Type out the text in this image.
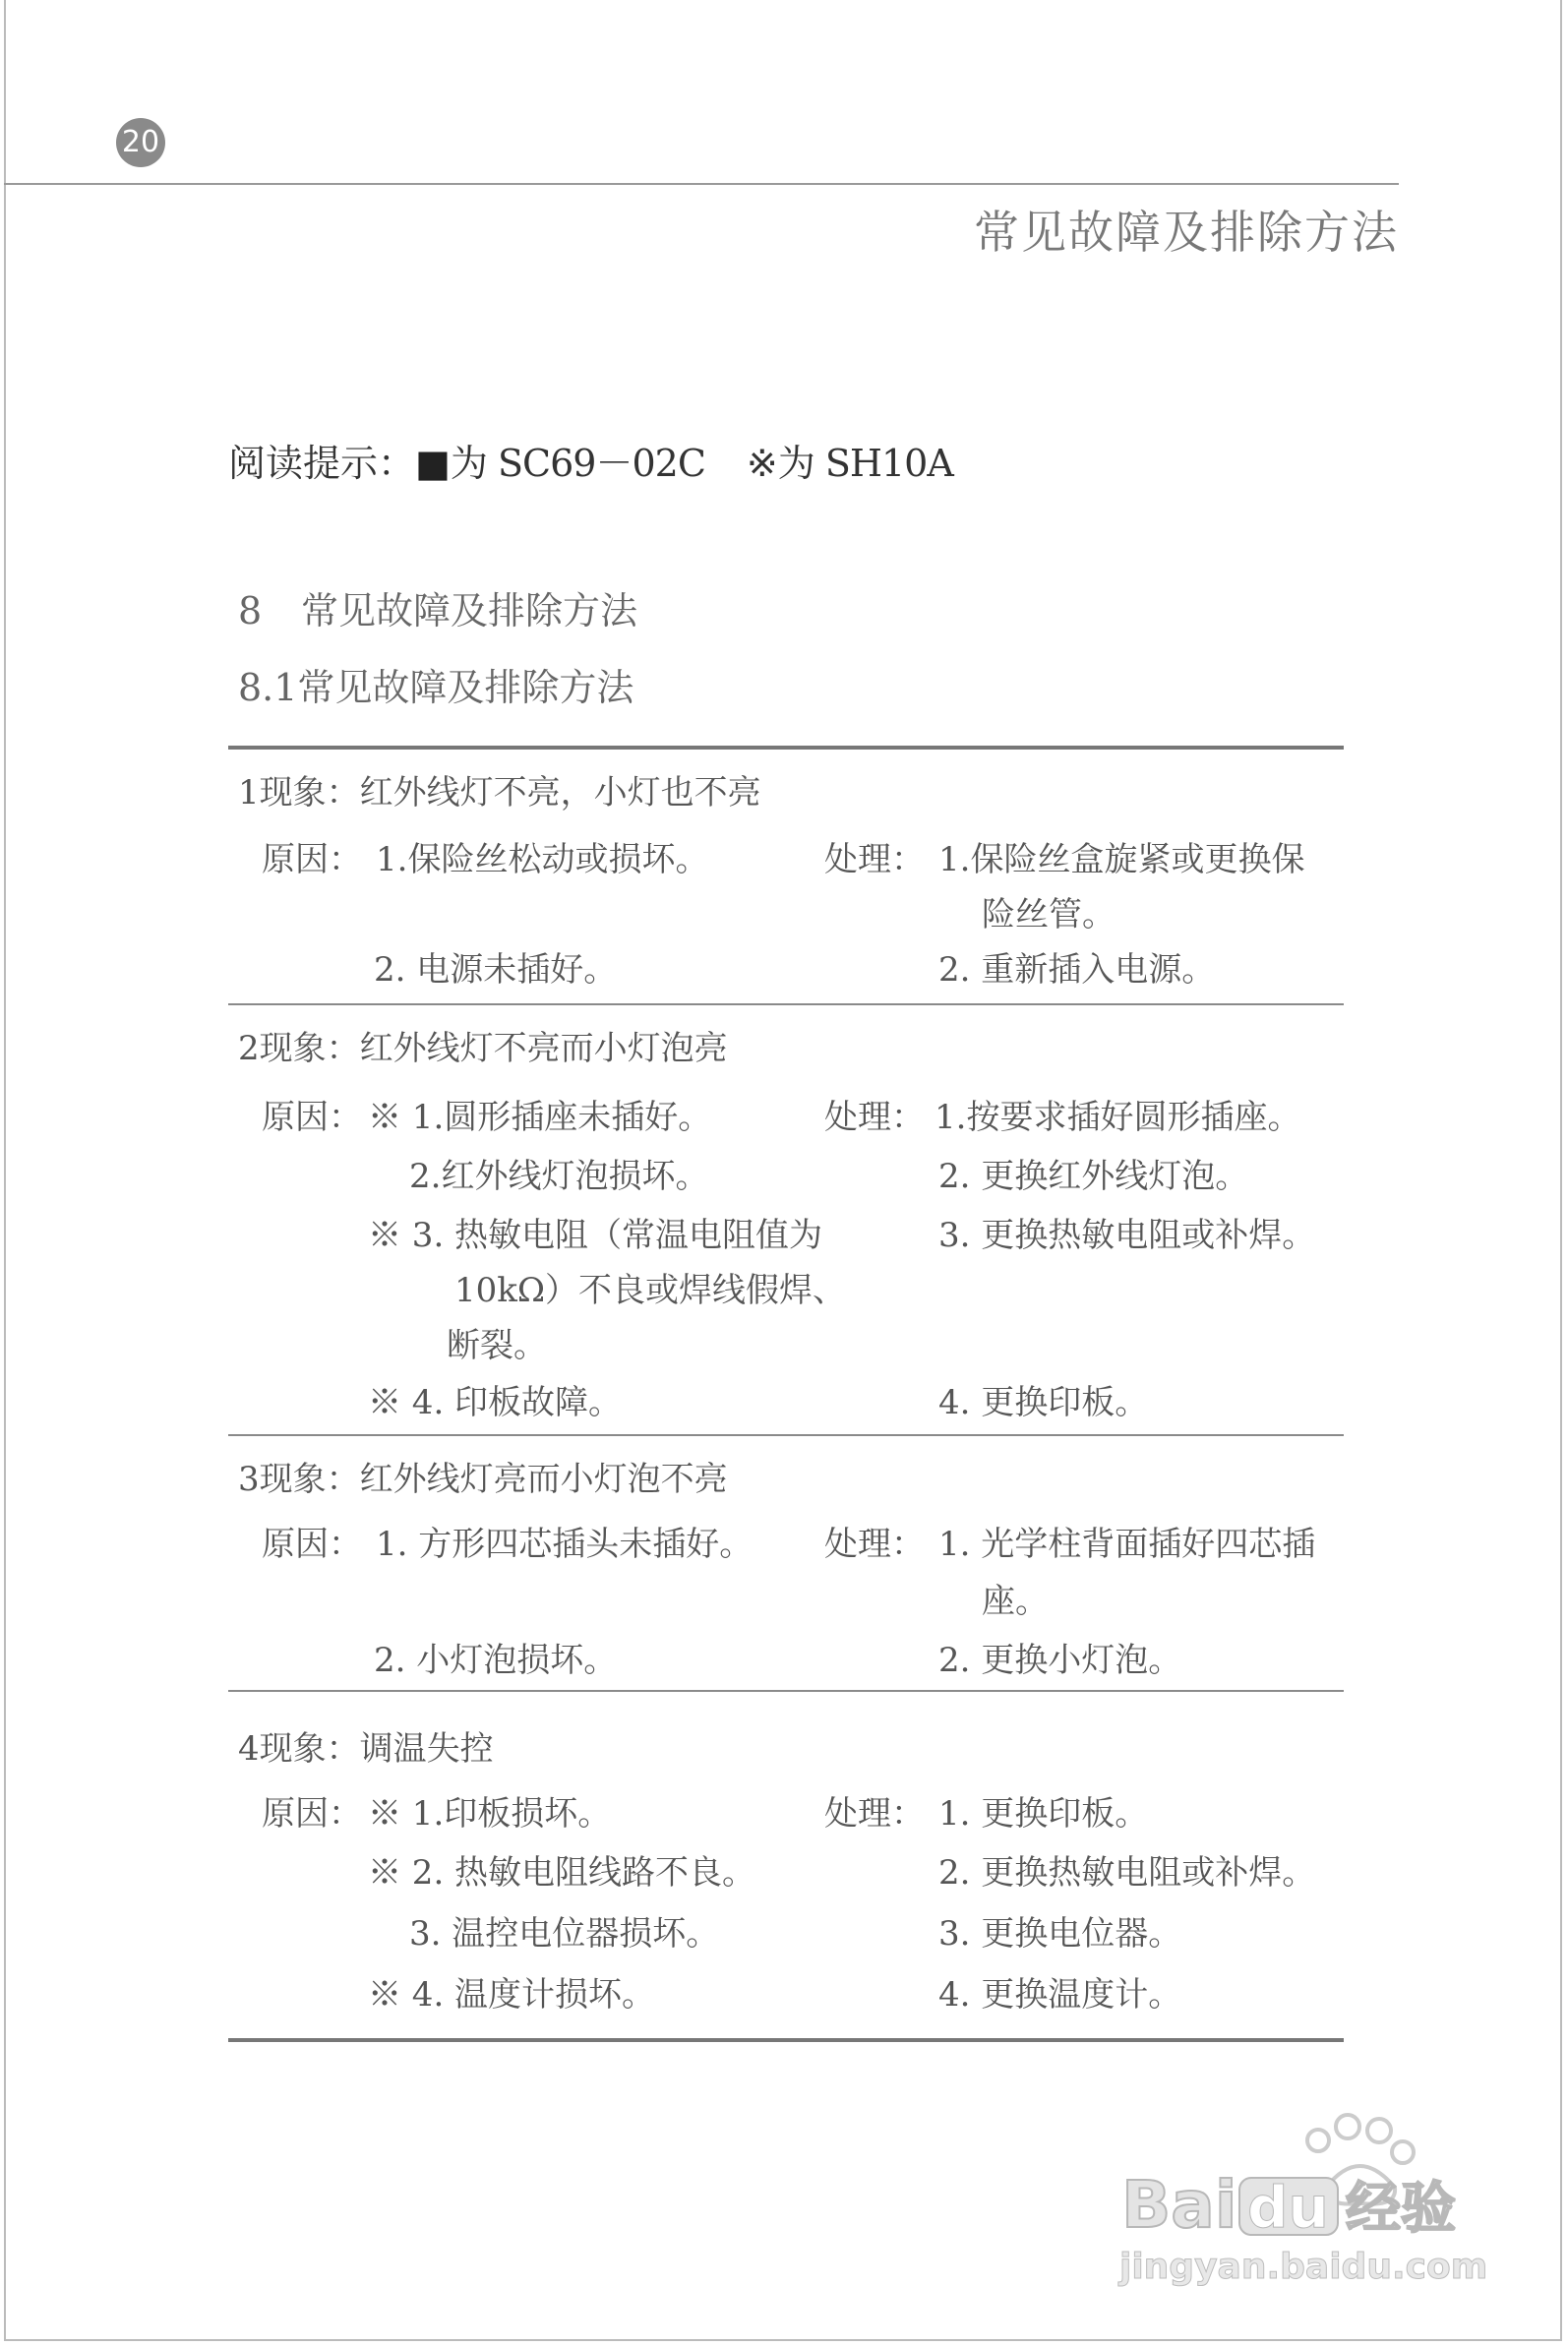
20
常见故障及排除方法
阅读提示：■为 SC69－02C ※为 SH10A
8 常见故障及排除方法
8.1常见故障及排除方法
1现象：红外线灯不亮，小灯也不亮
原因： 1.保险丝松动或损坏。
2. 电源未插好。
处理： 1.保险丝盒旋紧或更换保
险丝管。
2. 重新插入电源。
2现象：红外线灯不亮而小灯泡亮
原因： ※ 1.圆形插座未插好。
2.红外线灯泡损坏。
※ 3. 热敏电阻（常温电阻值为
10kΩ）不良或焊线假焊、
断裂。
※ 4. 印板故障。
处理： 1.按要求插好圆形插座。
2. 更换红外线灯泡。
3. 更换热敏电阻或补焊。
4. 更换印板。
3现象：红外线灯亮而小灯泡不亮
原因： 1. 方形四芯插头未插好。
2. 小灯泡损坏。
处理： 1. 光学柱背面插好四芯插
座。
2. 更换小灯泡。
4现象：调温失控
原因： ※ 1.印板损坏。
※ 2. 热敏电阻线路不良。
3. 温控电位器损坏。
※ 4. 温度计损坏。
处理： 1. 更换印板。
2. 更换热敏电阻或补焊。
3. 更换电位器。
4. 更换温度计。
Bai du 经验
jingyan.baidu.com
